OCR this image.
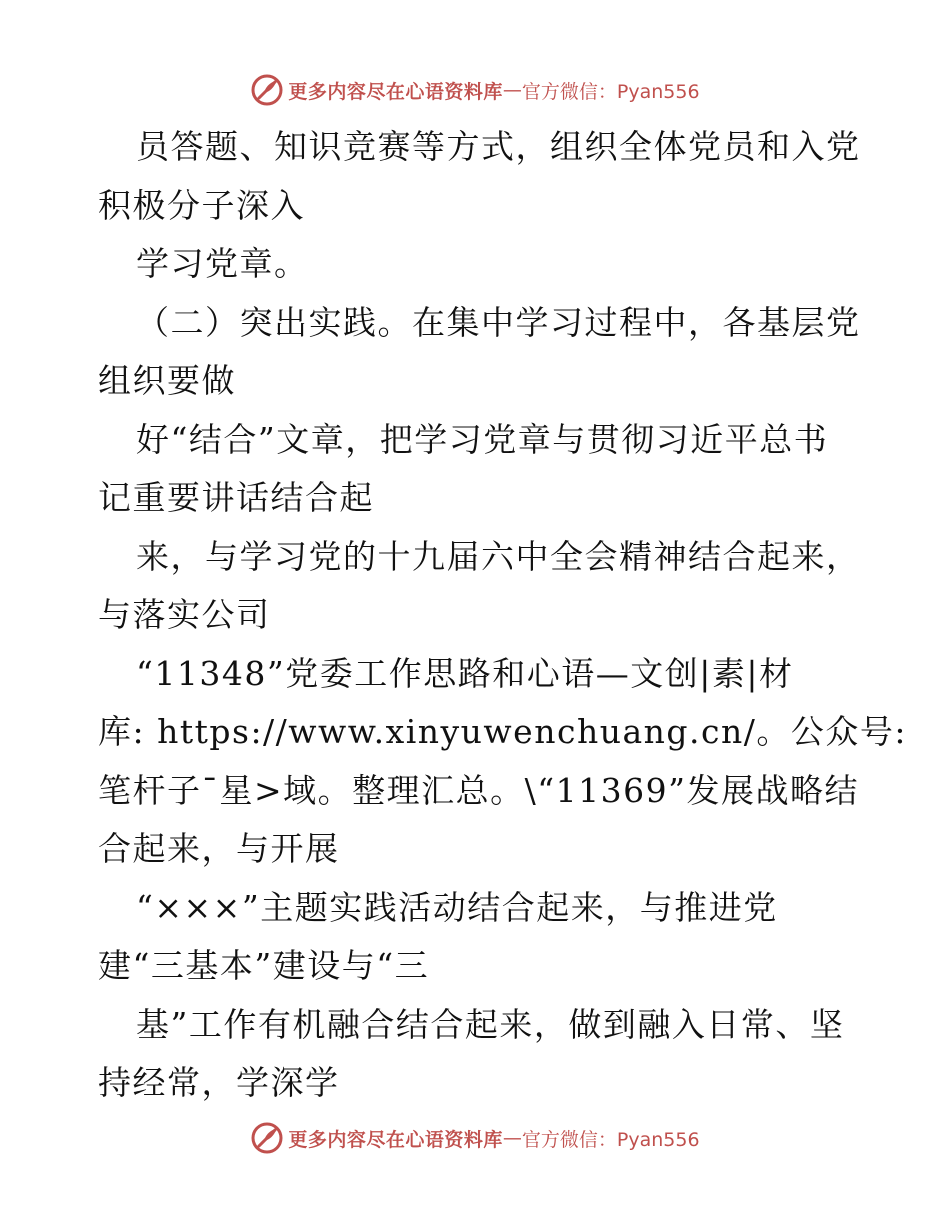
更多内容尽在心语资料库 — 官方微信：Pyan556
员答题、知识竞赛等方式，组织全体党员和入党
积极分子深入
学习党章。
（二）突出实践。在集中学习过程中，各基层党
组织要做
好“结合”文章，把学习党章与贯彻习近平总书
记重要讲话结合起
来，与学习党的十九届六中全会精神结合起来，
与落实公司
“11348”党委工作思路和心语—文创|素|材
库: https://www.xinyuwenchuang.cn/。公众号:
笔杆子¯星>域。整理汇总。\“11369”发展战略结
合起来，与开展
“×××”主题实践活动结合起来，与推进党
建“三基本”建设与“三
基”工作有机融合结合起来，做到融入日常、坚
持经常，学深学
更多内容尽在心语资料库 — 官方微信：Pyan556
